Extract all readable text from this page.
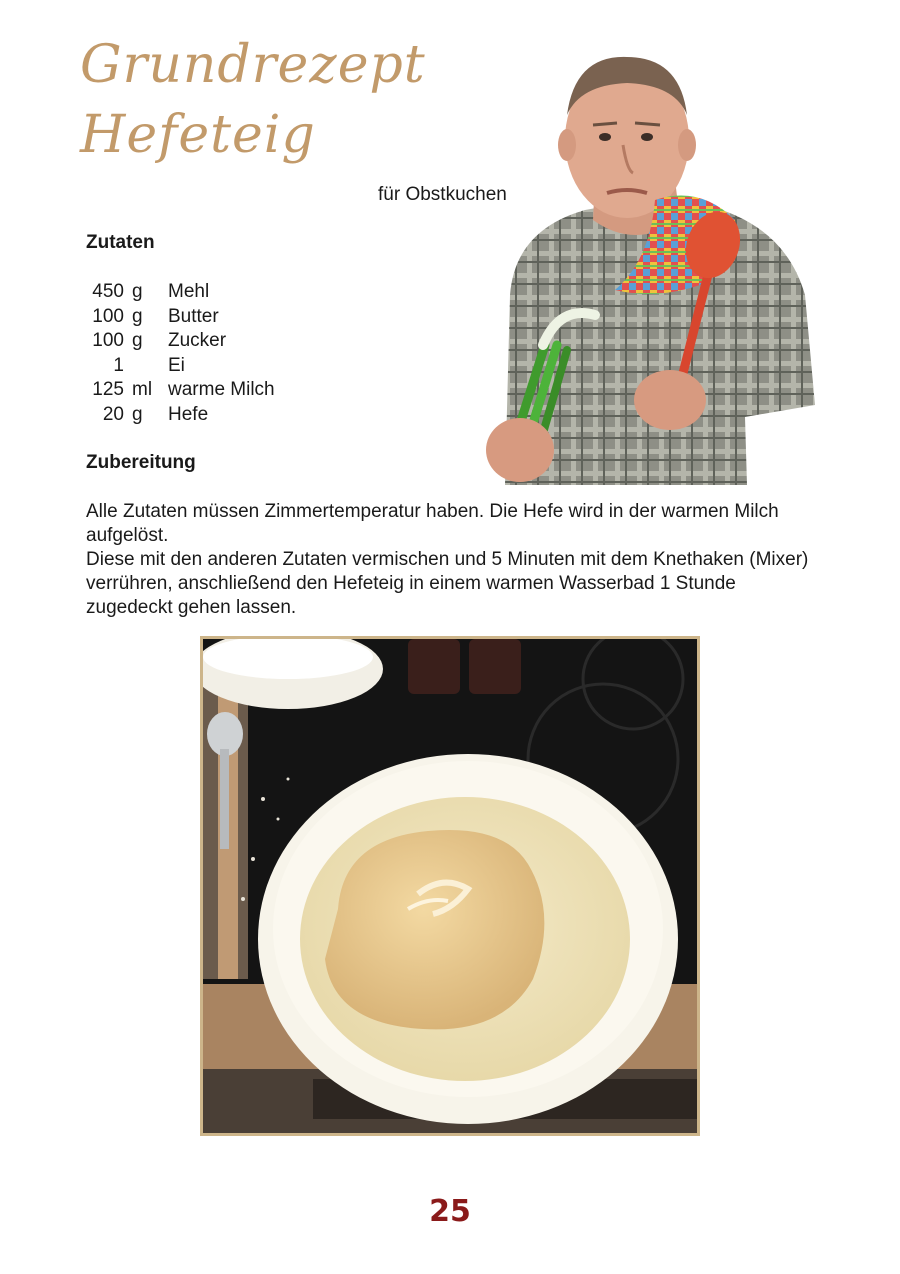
Grundrezept
Hefeteig
für Obstkuchen
Zutaten
450 g Mehl
100 g Butter
100 g Zucker
1 Ei
125 ml warme Milch
20 g Hefe
Zubereitung

Alle Zutaten müssen Zimmertemperatur haben. Die Hefe wird in der warmen Milch aufgelöst.

Diese mit den anderen Zutaten vermischen und 5 Minuten mit dem Knethaken (Mixer) verrühren, anschließend den Hefeteig in einem warmen Wasserbad 1 Stunde zugedeckt gehen lassen.

25
